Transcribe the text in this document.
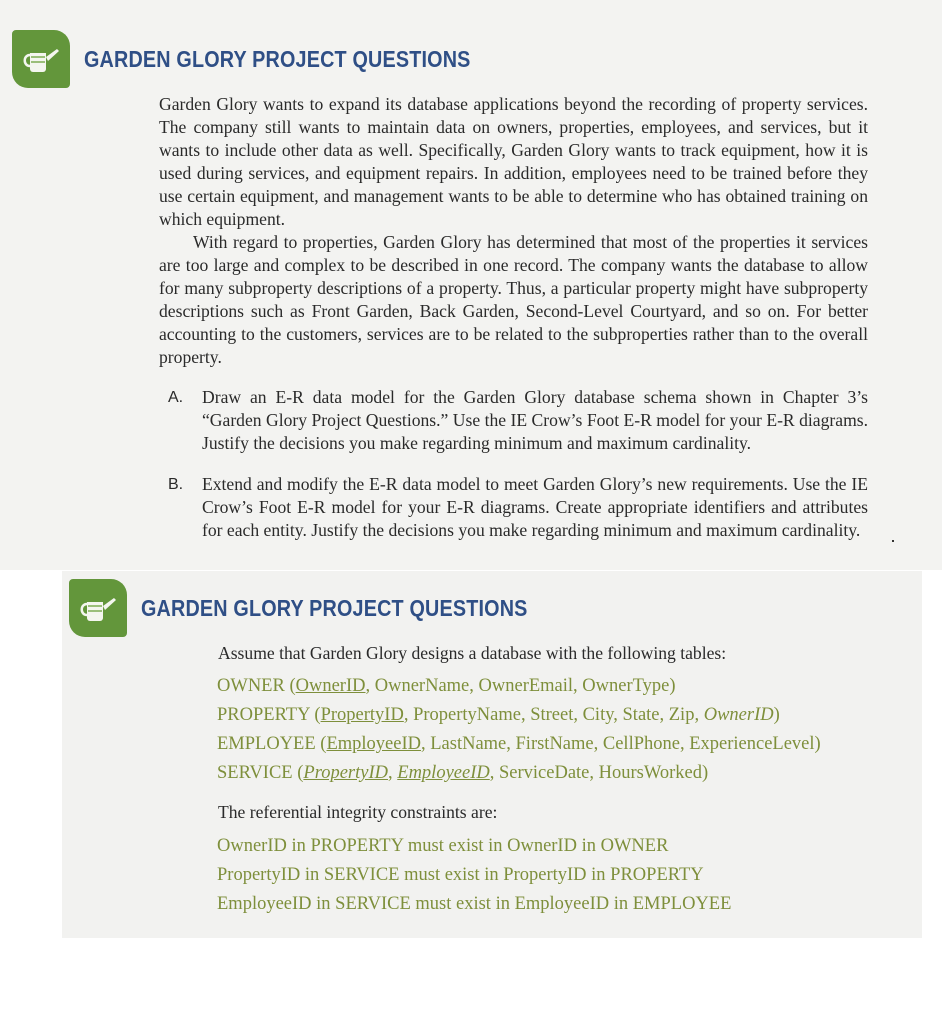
GARDEN GLORY PROJECT QUESTIONS

Garden Glory wants to expand its database applications beyond the recording of property services. The company still wants to maintain data on owners, properties, employees, and services, but it wants to include other data as well. Specifically, Garden Glory wants to track equipment, how it is used during services, and equipment repairs. In addition, employees need to be trained before they use certain equipment, and management wants to be able to determine who has obtained training on which equipment.

With regard to properties, Garden Glory has determined that most of the properties it services are too large and complex to be described in one record. The company wants the database to allow for many subproperty descriptions of a property. Thus, a particular property might have subproperty descriptions such as Front Garden, Back Garden, Second-Level Courtyard, and so on. For better accounting to the customers, services are to be related to the subproperties rather than to the overall property.

A. Draw an E-R data model for the Garden Glory database schema shown in Chapter 3’s “Garden Glory Project Questions.” Use the IE Crow’s Foot E-R model for your E-R diagrams. Justify the decisions you make regarding minimum and maximum cardinality.
B. Extend and modify the E-R data model to meet Garden Glory’s new requirements. Use the IE Crow’s Foot E-R model for your E-R diagrams. Create appropriate identifiers and attributes for each entity. Justify the decisions you make regarding minimum and maximum cardinality.
GARDEN GLORY PROJECT QUESTIONS
Assume that Garden Glory designs a database with the following tables:
OWNER (OwnerID, OwnerName, OwnerEmail, OwnerType)
PROPERTY (PropertyID, PropertyName, Street, City, State, Zip, OwnerID)
EMPLOYEE (EmployeeID, LastName, FirstName, CellPhone, ExperienceLevel)
SERVICE (PropertyID, EmployeeID, ServiceDate, HoursWorked)
The referential integrity constraints are:
OwnerID in PROPERTY must exist in OwnerID in OWNER
PropertyID in SERVICE must exist in PropertyID in PROPERTY
EmployeeID in SERVICE must exist in EmployeeID in EMPLOYEE
